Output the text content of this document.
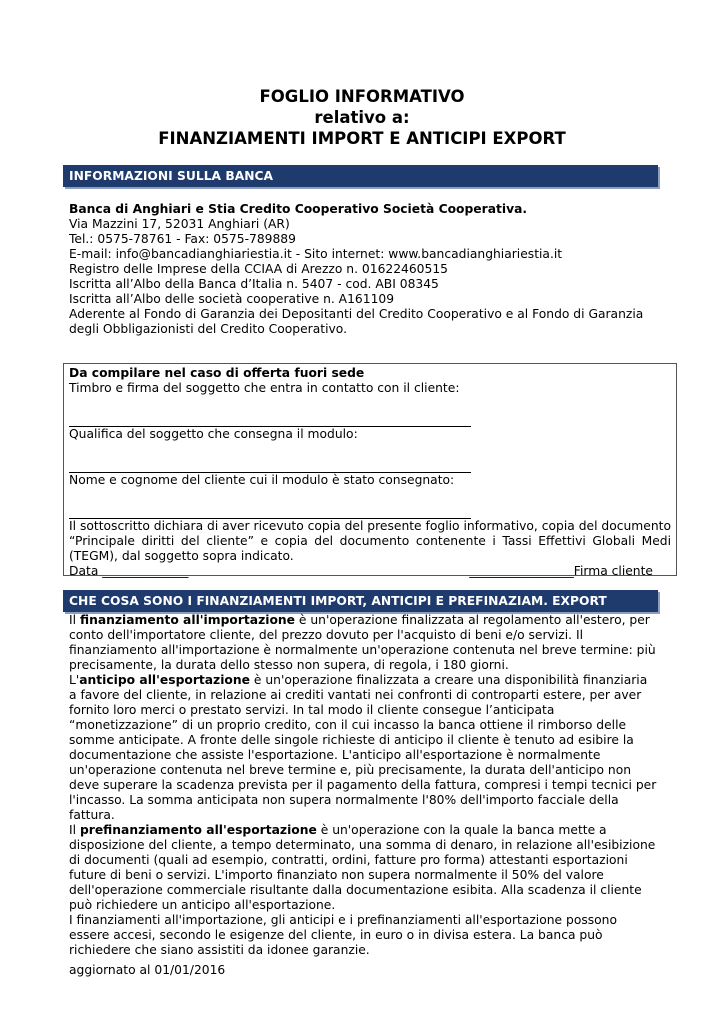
FOGLIO INFORMATIVO
relativo a:
FINANZIAMENTI IMPORT E ANTICIPI EXPORT
INFORMAZIONI SULLA BANCA

Banca di Anghiari e Stia Credito Cooperativo Società Cooperativa.

Via Mazzini 17, 52031 Anghiari (AR)

Tel.: 0575-78761 - Fax: 0575-789889

E-mail: info@bancadianghiariestia.it - Sito internet: www.bancadianghiariestia.it

Registro delle Imprese della CCIAA di Arezzo n. 01622460515

Iscritta all’Albo della Banca d’Italia n. 5407 - cod. ABI 08345

Iscritta all’Albo delle società cooperative n. A161109

Aderente al Fondo di Garanzia dei Depositanti del Credito Cooperativo e al Fondo di Garanzia degli Obbligazionisti del Credito Cooperativo.

Da compilare nel caso di offerta fuori sede

Timbro e firma del soggetto che entra in contatto con il cliente:

Qualifica del soggetto che consegna il modulo:

Nome e cognome del cliente cui il modulo è stato consegnato:

Il sottoscritto dichiara di aver ricevuto copia del presente foglio informativo, copia del documento “Principale diritti del cliente” e copia del documento contenente i Tassi Effettivi Globali Medi (TEGM), dal soggetto sopra indicato.

Data ______________	_________________Firma cliente
CHE COSA SONO I FINANZIAMENTI IMPORT, ANTICIPI E PREFINAZIAM. EXPORT

Il finanziamento all'importazione è un'operazione finalizzata al regolamento all'estero, per conto dell'importatore cliente, del prezzo dovuto per l'acquisto di beni e/o servizi. Il finanziamento all'importazione è normalmente un'operazione contenuta nel breve termine: più precisamente, la durata dello stesso non supera, di regola, i 180 giorni.

L'anticipo all'esportazione è un'operazione finalizzata a creare una disponibilità finanziaria a favore del cliente, in relazione ai crediti vantati nei confronti di controparti estere, per aver fornito loro merci o prestato servizi. In tal modo il cliente consegue l’anticipata “monetizzazione” di un proprio credito, con il cui incasso la banca ottiene il rimborso delle somme anticipate. A fronte delle singole richieste di anticipo il cliente è tenuto ad esibire la documentazione che assiste l'esportazione. L'anticipo all'esportazione è normalmente un'operazione contenuta nel breve termine e, più precisamente, la durata dell'anticipo non deve superare la scadenza prevista per il pagamento della fattura, compresi i tempi tecnici per l'incasso. La somma anticipata non supera normalmente l'80% dell'importo facciale della fattura.

Il prefinanziamento all'esportazione è un'operazione con la quale la banca mette a disposizione del cliente, a tempo determinato, una somma di denaro, in relazione all'esibizione di documenti (quali ad esempio, contratti, ordini, fatture pro forma) attestanti esportazioni future di beni o servizi. L'importo finanziato non supera normalmente il 50% del valore dell'operazione commerciale risultante dalla documentazione esibita. Alla scadenza il cliente può richiedere un anticipo all'esportazione.

I finanziamenti all'importazione, gli anticipi e i prefinanziamenti all'esportazione possono essere accesi, secondo le esigenze del cliente, in euro o in divisa estera. La banca può richiedere che siano assistiti da idonee garanzie.

aggiornato al 01/01/2016
